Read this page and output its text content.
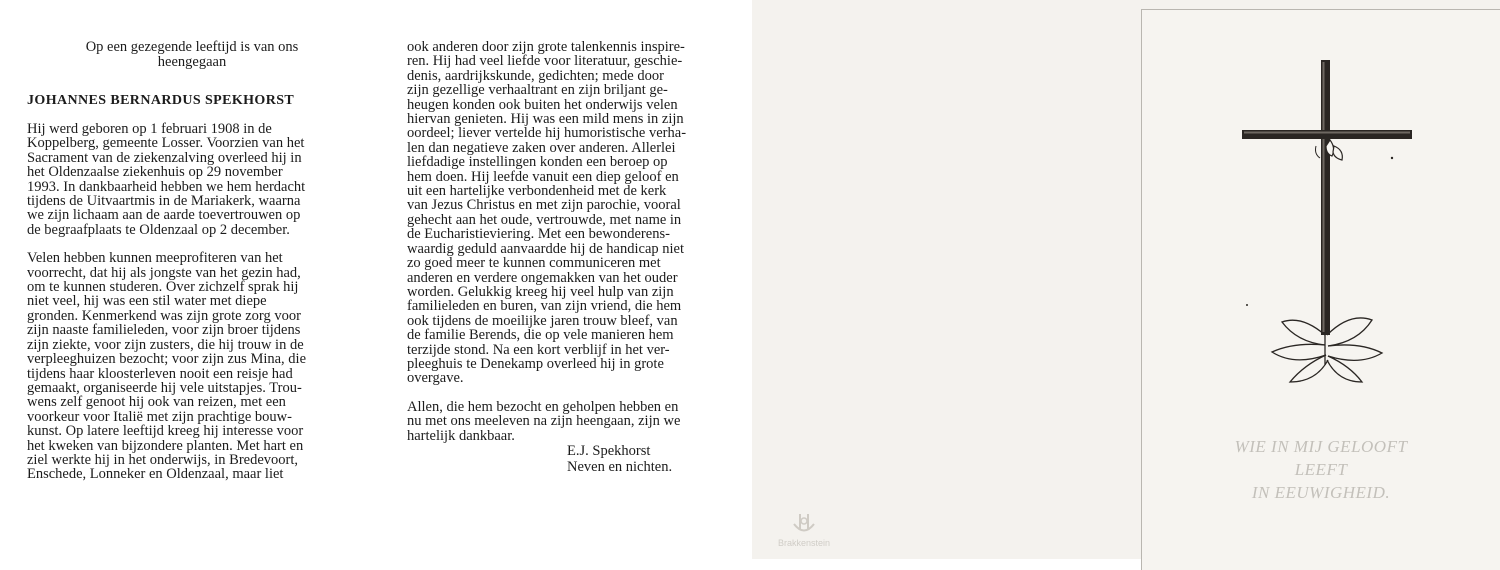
Op een gezegende leeftijd is van ons

heengegaan

JOHANNES BERNARDUS SPEKHORST

Hij werd geboren op 1 februari 1908 in de

Koppelberg, gemeente Losser. Voorzien van het

Sacrament van de ziekenzalving overleed hij in

het Oldenzaalse ziekenhuis op 29 november

1993. In dankbaarheid hebben we hem herdacht

tijdens de Uitvaartmis in de Mariakerk, waarna

we zijn lichaam aan de aarde toevertrouwen op

de begraafplaats te Oldenzaal op 2 december.

Velen hebben kunnen meeprofiteren van het

voorrecht, dat hij als jongste van het gezin had,

om te kunnen studeren. Over zichzelf sprak hij

niet veel, hij was een stil water met diepe

gronden. Kenmerkend was zijn grote zorg voor

zijn naaste familieleden, voor zijn broer tijdens

zijn ziekte, voor zijn zusters, die hij trouw in de

verpleeghuizen bezocht; voor zijn zus Mina, die

tijdens haar kloosterleven nooit een reisje had

gemaakt, organiseerde hij vele uitstapjes. Trou-

wens zelf genoot hij ook van reizen, met een

voorkeur voor Italië met zijn prachtige bouw-

kunst. Op latere leeftijd kreeg hij interesse voor

het kweken van bijzondere planten. Met hart en

ziel werkte hij in het onderwijs, in Bredevoort,

Enschede, Lonneker en Oldenzaal, maar liet

ook anderen door zijn grote talenkennis inspire-

ren. Hij had veel liefde voor literatuur, geschie-

denis, aardrijkskunde, gedichten; mede door

zijn gezellige verhaaltrant en zijn briljant ge-

heugen konden ook buiten het onderwijs velen

hiervan genieten. Hij was een mild mens in zijn

oordeel; liever vertelde hij humoristische verha-

len dan negatieve zaken over anderen. Allerlei

liefdadige instellingen konden een beroep op

hem doen. Hij leefde vanuit een diep geloof en

uit een hartelijke verbondenheid met de kerk

van Jezus Christus en met zijn parochie, vooral

gehecht aan het oude, vertrouwde, met name in

de Eucharistieviering. Met een bewonderens-

waardig geduld aanvaardde hij de handicap niet

zo goed meer te kunnen communiceren met

anderen en verdere ongemakken van het ouder

worden. Gelukkig kreeg hij veel hulp van zijn

familieleden en buren, van zijn vriend, die hem

ook tijdens de moeilijke jaren trouw bleef, van

de familie Berends, die op vele manieren hem

terzijde stond. Na een kort verblijf in het ver-

pleeghuis te Denekamp overleed hij in grote

overgave.

Allen, die hem bezocht en geholpen hebben en

nu met ons meeleven na zijn heengaan, zijn we

hartelijk dankbaar.

E.J. Spekhorst

Neven en nichten.

Brakkenstein
WIE IN MIJ GELOOFT
LEEFT
IN EEUWIGHEID.
